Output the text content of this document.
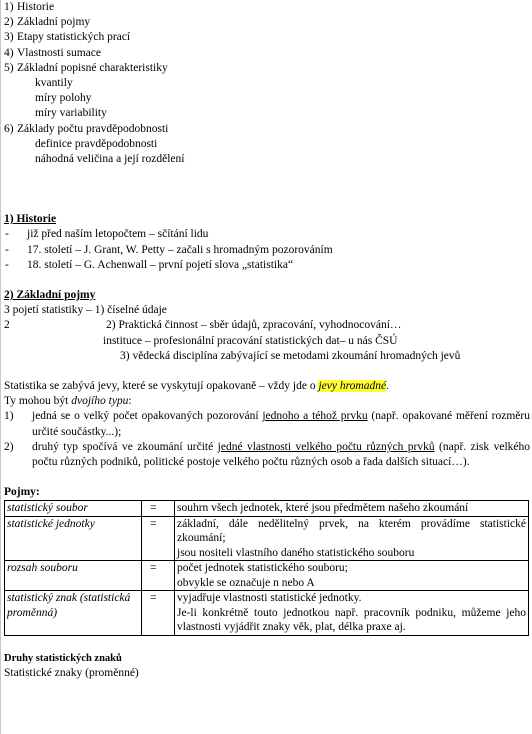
1) Historie
2) Základní pojmy
3) Etapy statistických prací
4) Vlastnosti sumace
5) Základní popisné charakteristiky
kvantily
míry polohy
míry variability
6) Základy počtu pravděpodobnosti
definice pravděpodobnosti
náhodná veličina a její rozdělení
1) Historie
- již před naším letopočtem – sčítání lidu
- 17. století – J. Grant, W. Petty – začali s hromadným pozorováním
- 18. století – G. Achenwall – první pojetí slova „statistika“
2) Základní pojmy
3 pojetí statistiky – 1) číselné údaje
2	2) Praktická činnost – sběr údajů, zpracování, vyhodnocování…
instituce – profesionální pracování statistických dat– u nás ČSÚ
3) vědecká disciplína zabývající se metodami zkoumání hromadných jevů
Statistika se zabývá jevy, které se vyskytují opakovaně – vždy jde o jevy hromadné.
Ty mohou být dvojího typu:
1)	jedná se o velký počet opakovaných pozorování jednoho a téhož prvku (např. opakované měření rozměru určité součástky...);
2)	druhý typ spočívá ve zkoumání určité jedné vlastnosti velkého počtu různých prvků (např. zisk velkého počtu různých podniků, politické postoje velkého počtu různých osob a řada dalších situací…).
Pojmy:
statistický soubor	=	souhrn všech jednotek, které jsou předmětem našeho zkoumání

statistické jednotky	=	základní, dále nedělitelný prvek, na kterém provádíme statistické zkoumání;
jsou nositeli vlastního daného statistického souboru

rozsah souboru	=	počet jednotek statistického souboru;
obvykle se označuje n nebo A

statistický znak (statistická proměnná)	=	vyjadřuje vlastnosti statistické jednotky.
Je-li konkrétně touto jednotkou např. pracovník podniku, můžeme jeho vlastnosti vyjádřit znaky věk, plat, délka praxe aj.
Druhy statistických znaků
Statistické znaky (proměnné)
